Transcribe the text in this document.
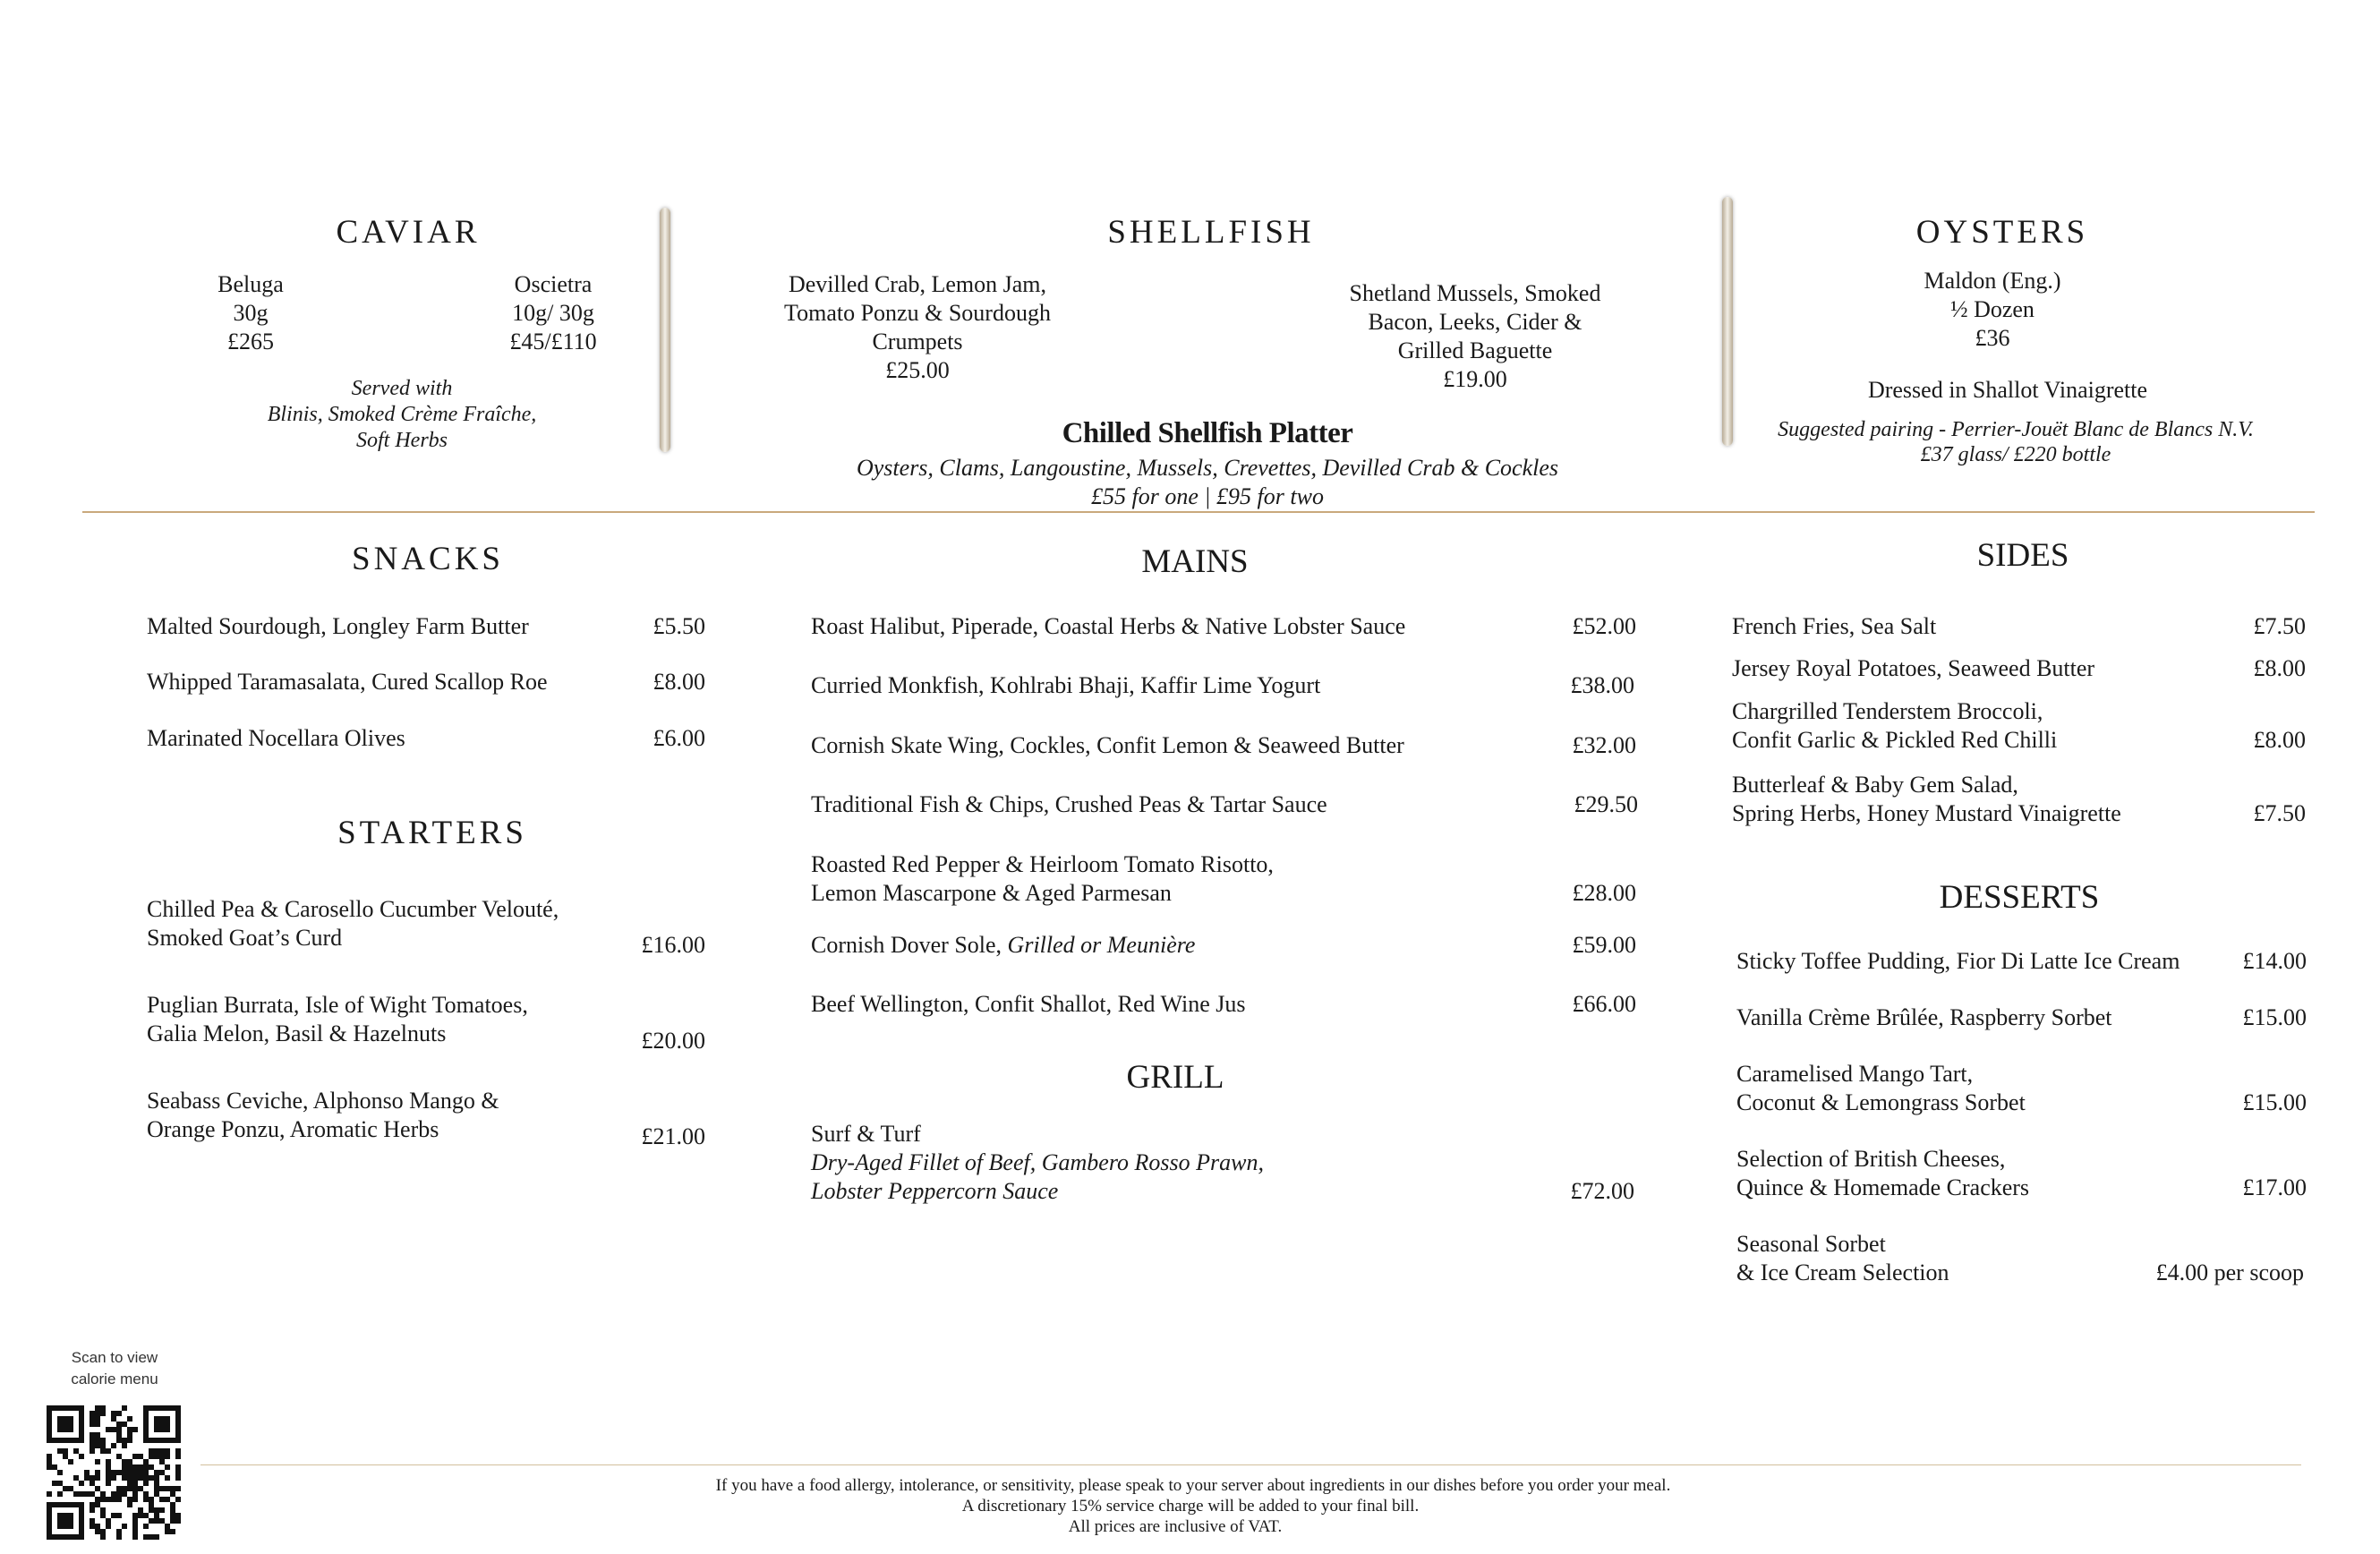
CAVIAR
Beluga
30g
£265
Oscietra
10g/ 30g
£45/£110
Served with
Blinis, Smoked Crème Fraîche,
Soft Herbs
SHELLFISH
Devilled Crab, Lemon Jam,
Tomato Ponzu & Sourdough
Crumpets
£25.00
Shetland Mussels, Smoked
Bacon, Leeks, Cider &
Grilled Baguette
£19.00
Chilled Shellfish Platter
Oysters, Clams, Langoustine, Mussels, Crevettes, Devilled Crab & Cockles
£55 for one | £95 for two
OYSTERS
Maldon (Eng.)
½ Dozen
£36
Dressed in Shallot Vinaigrette
Suggested pairing - Perrier-Jouët Blanc de Blancs N.V.
£37 glass/ £220 bottle
SNACKS
Malted Sourdough, Longley Farm Butter	£5.50
Whipped Taramasalata, Cured Scallop Roe	£8.00
Marinated Nocellara Olives	£6.00
STARTERS
Chilled Pea & Carosello Cucumber Velouté,
Smoked Goat’s Curd	£16.00
Puglian Burrata, Isle of Wight Tomatoes,
Galia Melon, Basil & Hazelnuts	£20.00
Seabass Ceviche, Alphonso Mango &
Orange Ponzu, Aromatic Herbs	£21.00
MAINS
Roast Halibut, Piperade, Coastal Herbs & Native Lobster Sauce	£52.00
Curried Monkfish, Kohlrabi Bhaji, Kaffir Lime Yogurt	£38.00
Cornish Skate Wing, Cockles, Confit Lemon & Seaweed Butter	£32.00
Traditional Fish & Chips, Crushed Peas & Tartar Sauce	£29.50
Roasted Red Pepper & Heirloom Tomato Risotto,
Lemon Mascarpone & Aged Parmesan	£28.00
Cornish Dover Sole, Grilled or Meunière	£59.00
Beef Wellington, Confit Shallot, Red Wine Jus	£66.00
GRILL
Surf & Turf
Dry-Aged Fillet of Beef, Gambero Rosso Prawn,
Lobster Peppercorn Sauce	£72.00
SIDES
French Fries, Sea Salt	£7.50
Jersey Royal Potatoes, Seaweed Butter	£8.00
Chargrilled Tenderstem Broccoli,
Confit Garlic & Pickled Red Chilli	£8.00
Butterleaf & Baby Gem Salad,
Spring Herbs, Honey Mustard Vinaigrette	£7.50
DESSERTS
Sticky Toffee Pudding, Fior Di Latte Ice Cream	£14.00
Vanilla Crème Brûlée, Raspberry Sorbet	£15.00
Caramelised Mango Tart,
Coconut & Lemongrass Sorbet	£15.00
Selection of British Cheeses,
Quince & Homemade Crackers	£17.00
Seasonal Sorbet
& Ice Cream Selection	£4.00 per scoop
Scan to view
calorie menu
If you have a food allergy, intolerance, or sensitivity, please speak to your server about ingredients in our dishes before you order your meal.
A discretionary 15% service charge will be added to your final bill.
All prices are inclusive of VAT.
